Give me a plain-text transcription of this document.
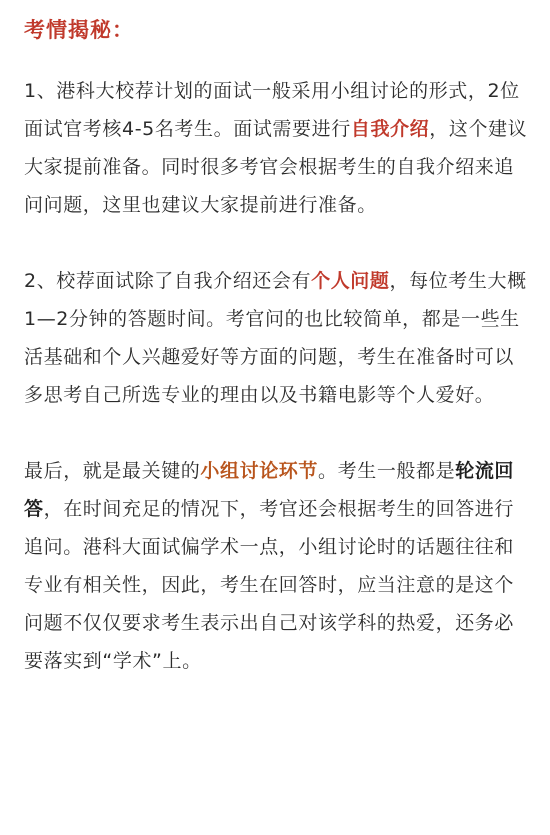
考情揭秘：

1、港科大校荐计划的面试一般采用小组讨论的形式，2位面试官考核4-5名考生。面试需要进行自我介绍，这个建议大家提前准备。同时很多考官会根据考生的自我介绍来追问问题，这里也建议大家提前进行准备。

2、校荐面试除了自我介绍还会有个人问题，每位考生大概1—2分钟的答题时间。考官问的也比较简单，都是一些生活基础和个人兴趣爱好等方面的问题，考生在准备时可以多思考自己所选专业的理由以及书籍电影等个人爱好。

最后，就是最关键的小组讨论环节。考生一般都是轮流回答，在时间充足的情况下，考官还会根据考生的回答进行追问。港科大面试偏学术一点，小组讨论时的话题往往和专业有相关性，因此，考生在回答时，应当注意的是这个问题不仅仅要求考生表示出自己对该学科的热爱，还务必要落实到“学术”上。
